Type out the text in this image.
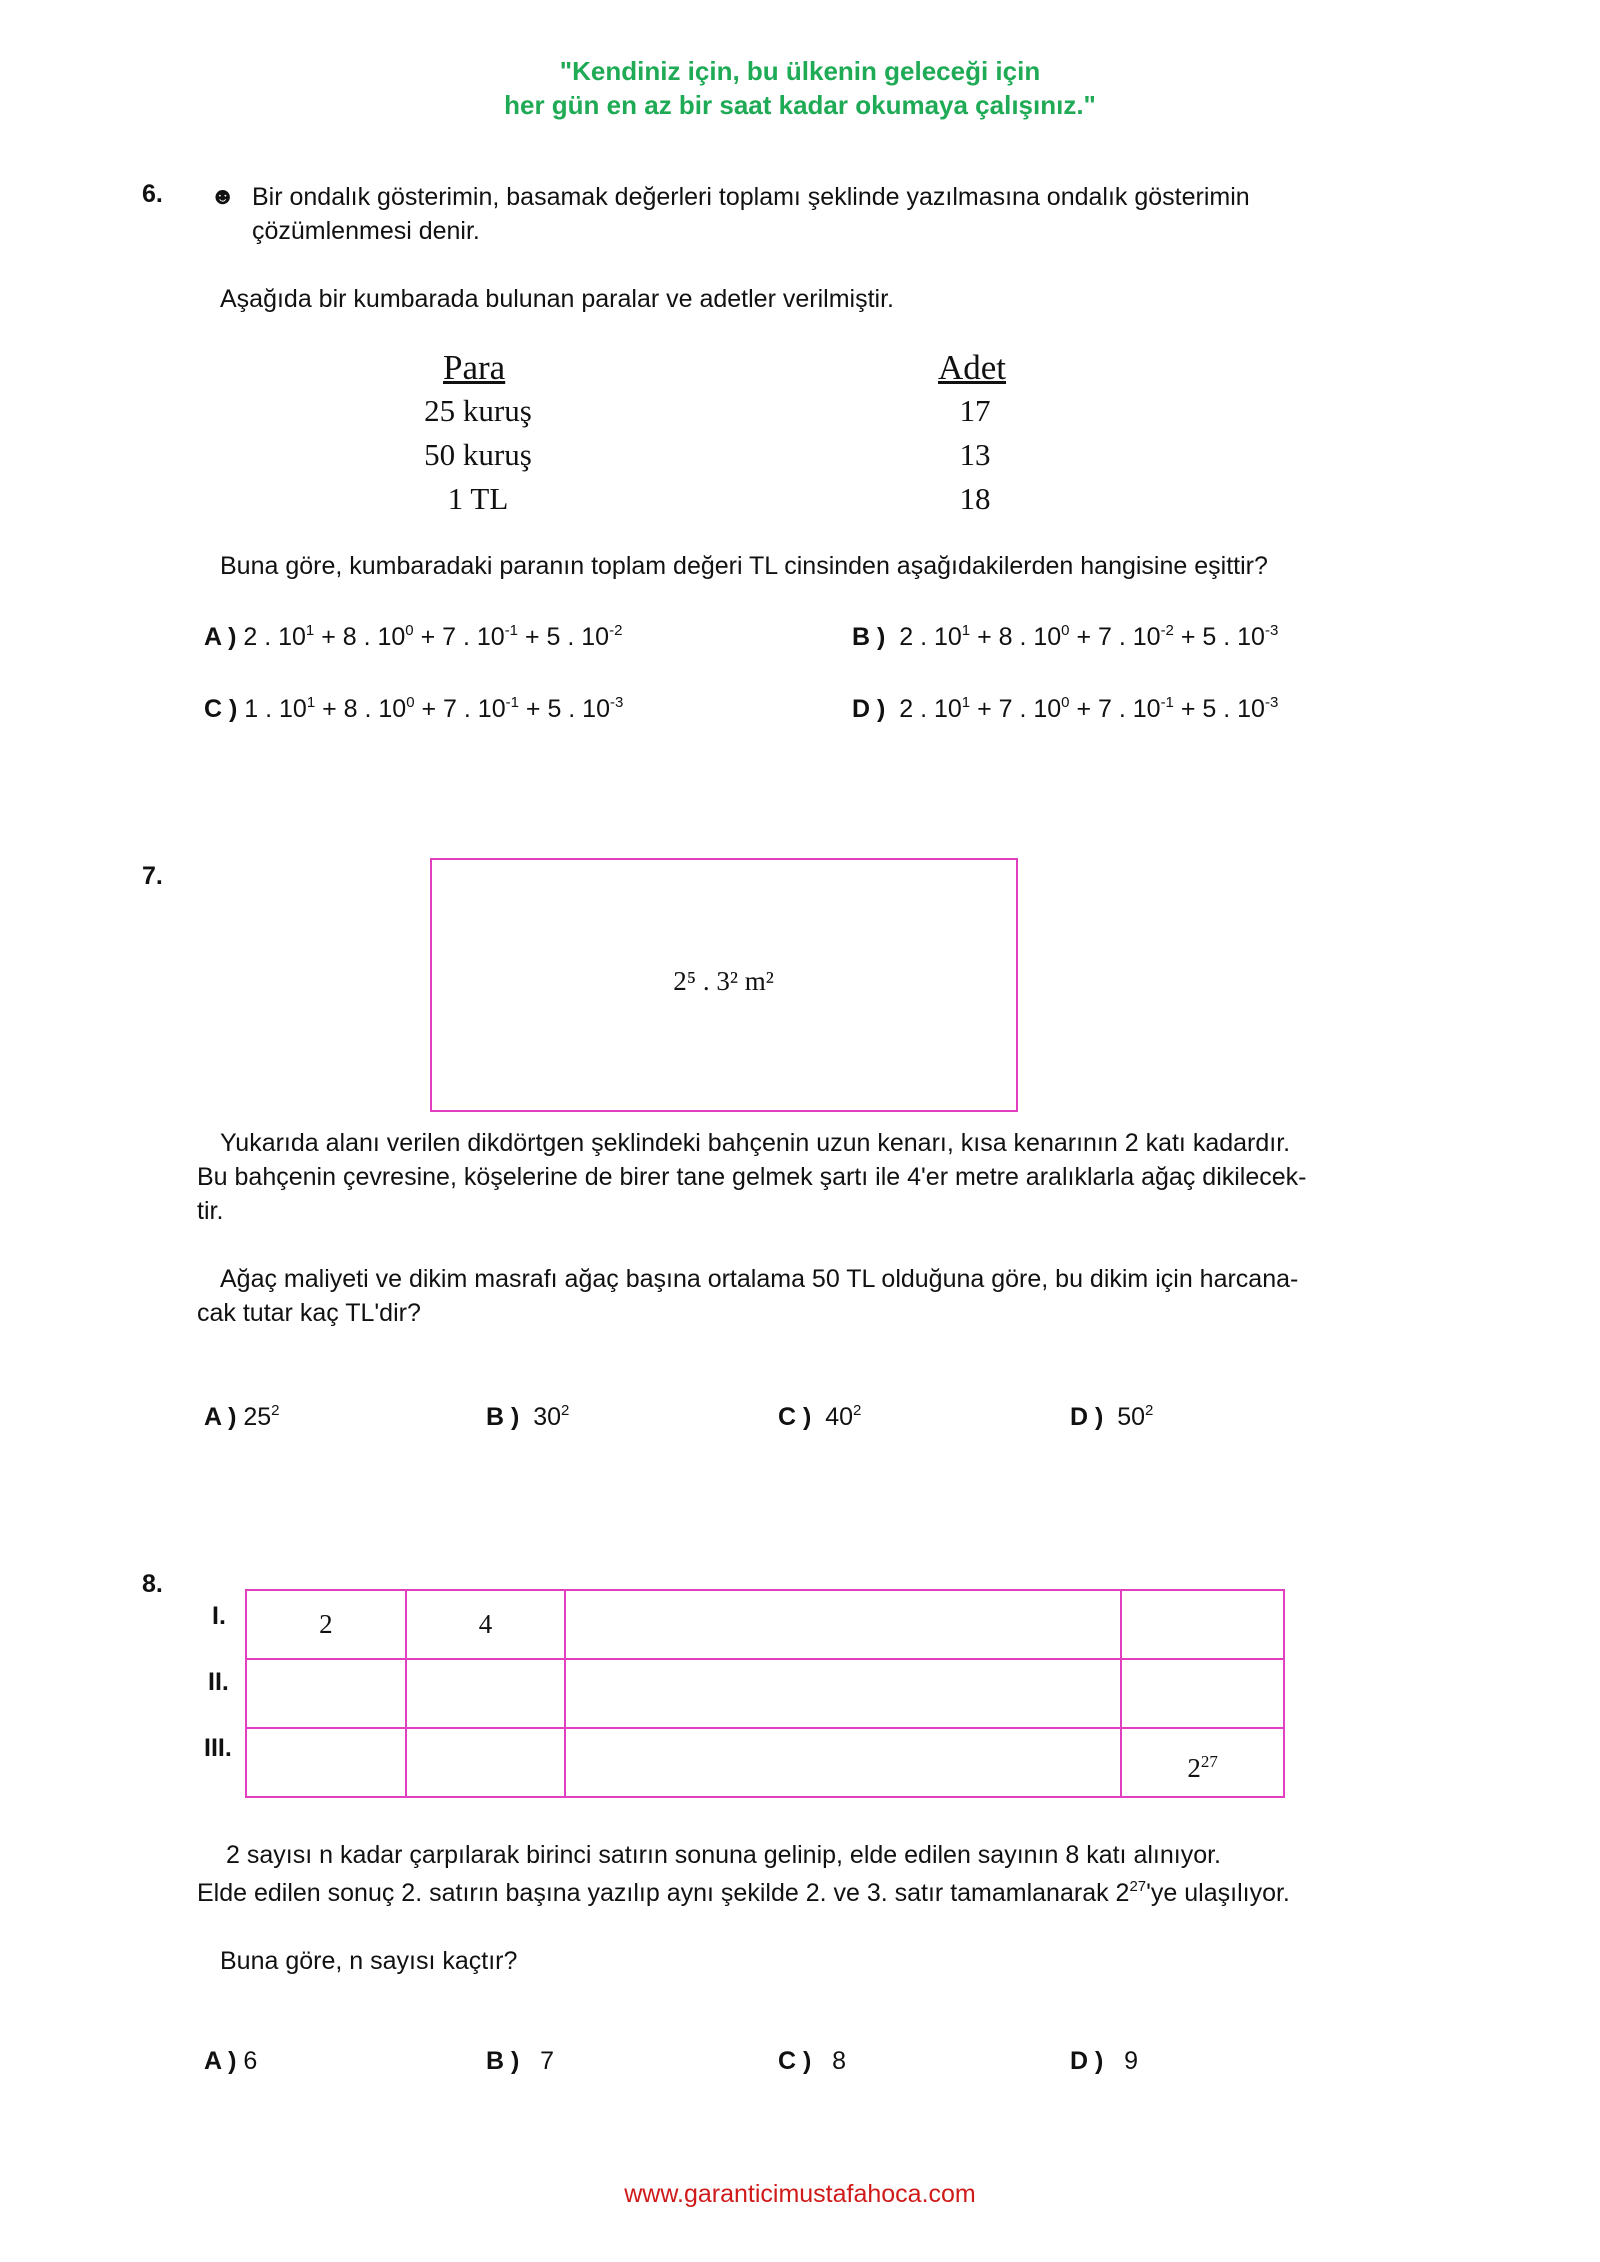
"Kendiniz için, bu ülkenin geleceği için
her gün en az bir saat kadar okumaya çalışınız."
6. ☻ Bir ondalık gösterimin, basamak değerleri toplamı şeklinde yazılmasına ondalık gösterimin
çözümlenmesi denir.
Aşağıda bir kumbarada bulunan paralar ve adetler verilmiştir.
Para	Adet
25 kuruş	17
50 kuruş	13
1 TL	18
Buna göre, kumbaradaki paranın toplam değeri TL cinsinden aşağıdakilerden hangisine eşittir?
A ) 2 . $10^1 + 8$ . $10^0 + 7$ . $10^{-1} + 5$ . $10^{-2}$	B )  2 . $10^1 + 8$ . $10^0 + 7$ . $10^{-2} + 5$ . $10^{-3}$
C ) 1 . $10^1 + 8$ . $10^0 + 7$ . $10^{-1} + 5$ . $10^{-3}$	D )  2 . $10^1 + 7$ . $10^0 + 7$ . $10^{-1} + 5$ . $10^{-3}$
7.
2⁵ . 3² m²
Yukarıda alanı verilen dikdörtgen şeklindeki bahçenin uzun kenarı, kısa kenarının 2 katı kadardır.
Bu bahçenin çevresine, köşelerine de birer tane gelmek şartı ile 4'er metre aralıklarla ağaç dikilecek-
tir.
Ağaç maliyeti ve dikim masrafı ağaç başına ortalama 50 TL olduğuna göre, bu dikim için harcana-
cak tutar kaç TL'dir?
A ) $25^2$	B ) $30^2$	C ) $40^2$	D ) $50^2$
8.
I.
II.
III.
2	4		

			$2^{27}$
2 sayısı n kadar çarpılarak birinci satırın sonuna gelinip, elde edilen sayının 8 katı alınıyor.
Elde edilen sonuç 2. satırın başına yazılıp aynı şekilde 2. ve 3. satır tamamlanarak $2^{27}'ye$ ulaşılıyor.
Buna göre, n sayısı kaçtır?
A ) 6	B ) 7	C ) 8	D ) 9
www.garanticimustafahoca.com
